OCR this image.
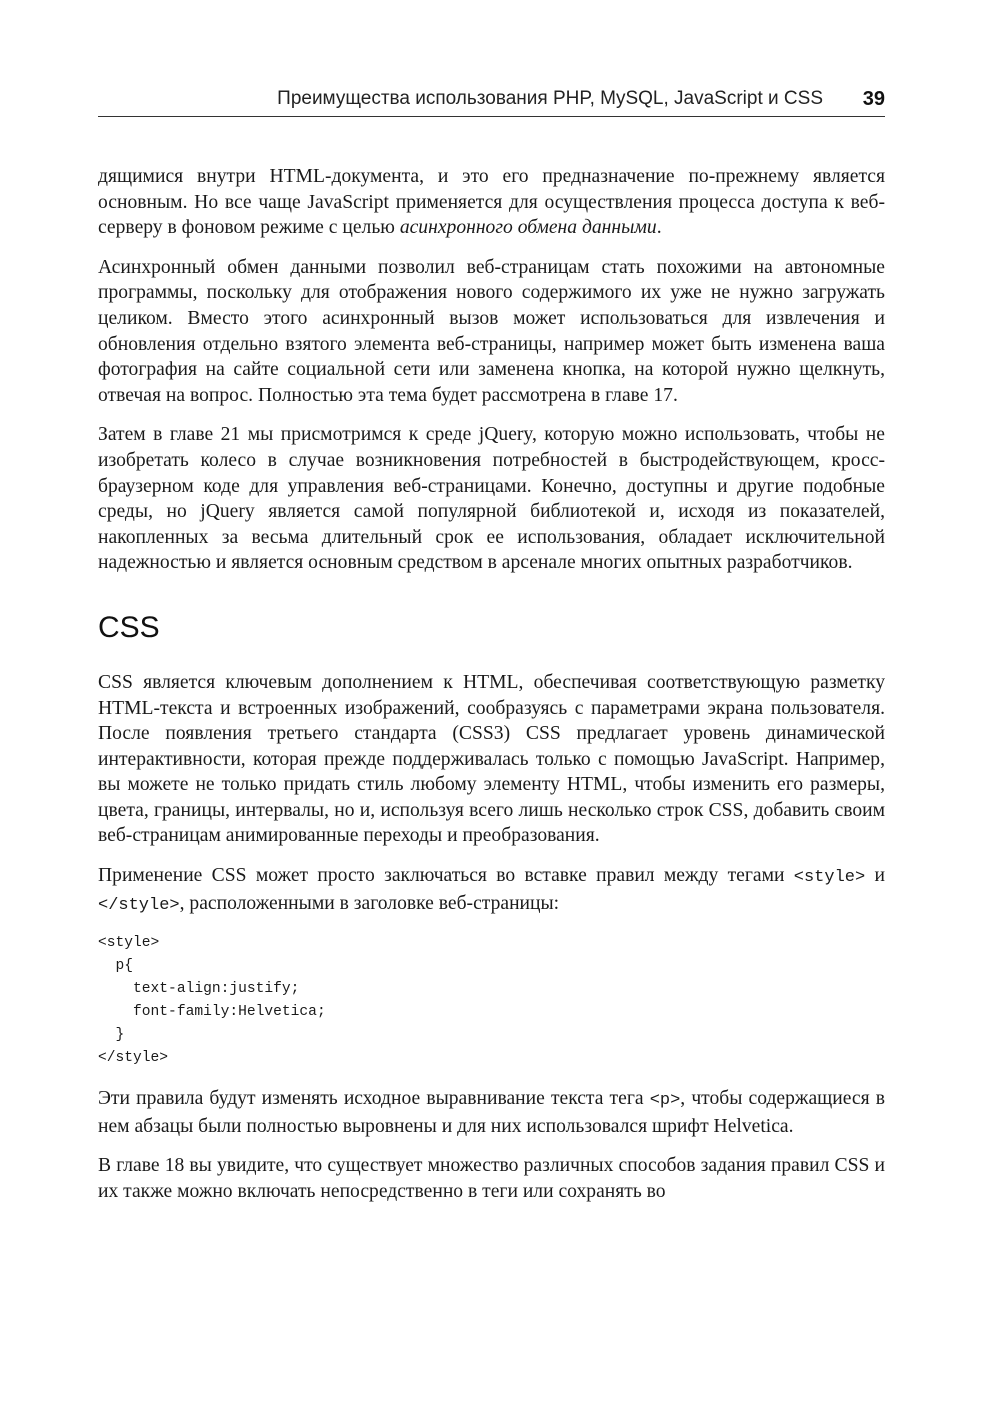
Преимущества использования PHP, MySQL, JavaScript и CSS 39

дящимися внутри HTML-документа, и это его предназначение по-прежнему является основным. Но все чаще JavaScript применяется для осуществления процесса доступа к веб-серверу в фоновом режиме с целью асинхронного обмена данными.

Асинхронный обмен данными позволил веб-страницам стать похожими на автономные программы, поскольку для отображения нового содержимого их уже не нужно загружать целиком. Вместо этого асинхронный вызов может использоваться для извлечения и обновления отдельно взятого элемента веб-страницы, например может быть изменена ваша фотография на сайте социальной сети или заменена кнопка, на которой нужно щелкнуть, отвечая на вопрос. Полностью эта тема будет рассмотрена в главе 17.

Затем в главе 21 мы присмотримся к среде jQuery, которую можно использовать, чтобы не изобретать колесо в случае возникновения потребностей в быстродействующем, кросс-браузерном коде для управления веб-страницами. Конечно, доступны и другие подобные среды, но jQuery является самой популярной библиотекой и, исходя из показателей, накопленных за весьма длительный срок ее использования, обладает исключительной надежностью и является основным средством в арсенале многих опытных разработчиков.

CSS

CSS является ключевым дополнением к HTML, обеспечивая соответствующую разметку HTML-текста и встроенных изображений, сообразуясь с параметрами экрана пользователя. После появления третьего стандарта (CSS3) CSS предлагает уровень динамической интерактивности, которая прежде поддерживалась только с помощью JavaScript. Например, вы можете не только придать стиль любому элементу HTML, чтобы изменить его размеры, цвета, границы, интервалы, но и, используя всего лишь несколько строк CSS, добавить своим веб-страницам анимированные переходы и преобразования.

Применение CSS может просто заключаться во вставке правил между тегами <style> и </style>, расположенными в заголовке веб-страницы:

<style>
p{
text-align:justify;
font-family:Helvetica;
}
</style>

Эти правила будут изменять исходное выравнивание текста тега <p>, чтобы содержащиеся в нем абзацы были полностью выровнены и для них использовался шрифт Helvetica.

В главе 18 вы увидите, что существует множество различных способов задания правил CSS и их также можно включать непосредственно в теги или сохранять во
